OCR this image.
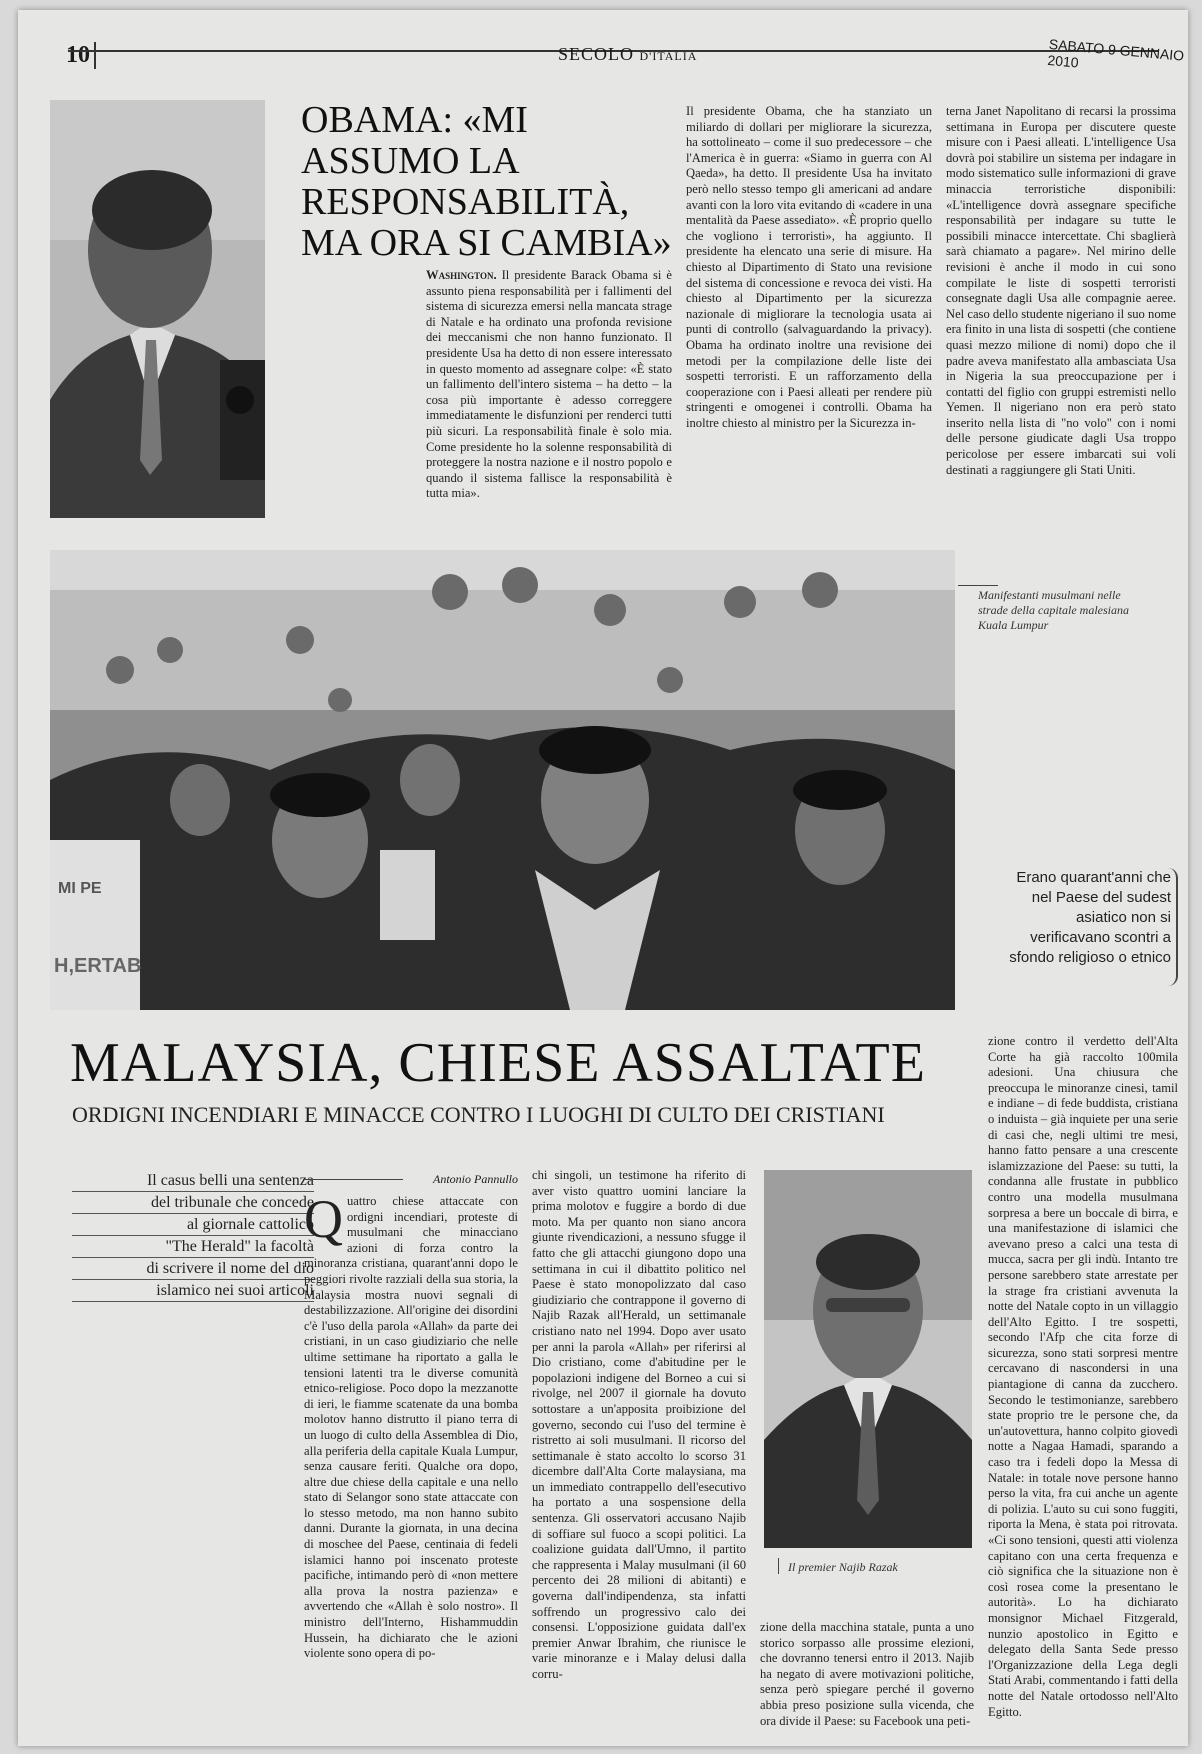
10	SECOLO D'ITALIA	SABATO 9 GENNAIO 2010
OBAMA: «MI ASSUMO LA RESPONSABILITÀ, MA ORA SI CAMBIA»

Washington. Il presidente Barack Obama si è assunto piena responsabilità per i fallimenti del sistema di sicurezza emersi nella mancata strage di Natale e ha ordinato una profonda revisione dei meccanismi che non hanno funzionato. Il presidente Usa ha detto di non essere interessato in questo momento ad assegnare colpe: «È stato un fallimento dell'intero sistema – ha detto – la cosa più importante è adesso correggere immediatamente le disfunzioni per renderci tutti più sicuri. La responsabilità finale è solo mia. Come presidente ho la solenne responsabilità di proteggere la nostra nazione e il nostro popolo e quando il sistema fallisce la responsabilità è tutta mia».

Il presidente Obama, che ha stanziato un miliardo di dollari per migliorare la sicurezza, ha sottolineato – come il suo predecessore – che l'America è in guerra: «Siamo in guerra con Al Qaeda», ha detto. Il presidente Usa ha invitato però nello stesso tempo gli americani ad andare avanti con la loro vita evitando di «cadere in una mentalità da Paese assediato». «È proprio quello che vogliono i terroristi», ha aggiunto. Il presidente ha elencato una serie di misure. Ha chiesto al Dipartimento di Stato una revisione del sistema di concessione e revoca dei visti. Ha chiesto al Dipartimento per la sicurezza nazionale di migliorare la tecnologia usata ai punti di controllo (salvaguardando la privacy). Obama ha ordinato inoltre una revisione dei metodi per la compilazione delle liste dei sospetti terroristi. E un rafforzamento della cooperazione con i Paesi alleati per rendere più stringenti e omogenei i controlli. Obama ha inoltre chiesto al ministro per la Sicurezza in-

terna Janet Napolitano di recarsi la prossima settimana in Europa per discutere queste misure con i Paesi alleati. L'intelligence Usa dovrà poi stabilire un sistema per indagare in modo sistematico sulle informazioni di grave minaccia terroristiche disponibili: «L'intelligence dovrà assegnare specifiche responsabilità per indagare su tutte le possibili minacce intercettate. Chi sbaglierà sarà chiamato a pagare». Nel mirino delle revisioni è anche il modo in cui sono compilate le liste di sospetti terroristi consegnate dagli Usa alle compagnie aeree. Nel caso dello studente nigeriano il suo nome era finito in una lista di sospetti (che contiene quasi mezzo milione di nomi) dopo che il padre aveva manifestato alla ambasciata Usa in Nigeria la sua preoccupazione per i contatti del figlio con gruppi estremisti nello Yemen. Il nigeriano non era però stato inserito nella lista di "no volo" con i nomi delle persone giudicate dagli Usa troppo pericolose per essere imbarcati sui voli destinati a raggiungere gli Stati Uniti.

MI PE
H,ERTAB
Manifestanti musulmani nelle strade della capitale malesiana Kuala Lumpur
Erano quarant'anni che nel Paese del sudest asiatico non si verificavano scontri a sfondo religioso o etnico
MALAYSIA, CHIESE ASSALTATE
ORDIGNI INCENDIARI E MINACCE CONTRO I LUOGHI DI CULTO DEI CRISTIANI
Il casus belli una sentenza
del tribunale che concede
al giornale cattolico
"The Herald" la facoltà
di scrivere il nome del dio
islamico nei suoi articoli
Antonio Pannullo
Q uattro chiese attaccate con ordigni incendiari, proteste di musulmani che minacciano azioni di forza contro la minoranza cristiana, quarant'anni dopo le peggiori rivolte razziali della sua storia, la Malaysia mostra nuovi segnali di destabilizzazione. All'origine dei disordini c'è l'uso della parola «Allah» da parte dei cristiani, in un caso giudiziario che nelle ultime settimane ha riportato a galla le tensioni latenti tra le diverse comunità etnico-religiose. Poco dopo la mezzanotte di ieri, le fiamme scatenate da una bomba molotov hanno distrutto il piano terra di un luogo di culto della Assemblea di Dio, alla periferia della capitale Kuala Lumpur, senza causare feriti. Qualche ora dopo, altre due chiese della capitale e una nello stato di Selangor sono state attaccate con lo stesso metodo, ma non hanno subito danni. Durante la giornata, in una decina di moschee del Paese, centinaia di fedeli islamici hanno poi inscenato proteste pacifiche, intimando però di «non mettere alla prova la nostra pazienza» e avvertendo che «Allah è solo nostro». Il ministro dell'Interno, Hishammuddin Hussein, ha dichiarato che le azioni violente sono opera di po-

chi singoli, un testimone ha riferito di aver visto quattro uomini lanciare la prima molotov e fuggire a bordo di due moto. Ma per quanto non siano ancora giunte rivendicazioni, a nessuno sfugge il fatto che gli attacchi giungono dopo una settimana in cui il dibattito politico nel Paese è stato monopolizzato dal caso giudiziario che contrappone il governo di Najib Razak all'Herald, un settimanale cristiano nato nel 1994. Dopo aver usato per anni la parola «Allah» per riferirsi al Dio cristiano, come d'abitudine per le popolazioni indigene del Borneo a cui si rivolge, nel 2007 il giornale ha dovuto sottostare a un'apposita proibizione del governo, secondo cui l'uso del termine è ristretto ai soli musulmani. Il ricorso del settimanale è stato accolto lo scorso 31 dicembre dall'Alta Corte malaysiana, ma un immediato contrappello dell'esecutivo ha portato a una sospensione della sentenza. Gli osservatori accusano Najib di soffiare sul fuoco a scopi politici. La coalizione guidata dall'Umno, il partito che rappresenta i Malay musulmani (il 60 percento dei 28 milioni di abitanti) e governa dall'indipendenza, sta infatti soffrendo un progressivo calo dei consensi. L'opposizione guidata dall'ex premier Anwar Ibrahim, che riunisce le varie minoranze e i Malay delusi dalla corru-

Il premier Najib Razak

zione della macchina statale, punta a uno storico sorpasso alle prossime elezioni, che dovranno tenersi entro il 2013. Najib ha negato di avere motivazioni politiche, senza però spiegare perché il governo abbia preso posizione sulla vicenda, che ora divide il Paese: su Facebook una peti-

zione contro il verdetto dell'Alta Corte ha già raccolto 100mila adesioni. Una chiusura che preoccupa le minoranze cinesi, tamil e indiane – di fede buddista, cristiana o induista – già inquiete per una serie di casi che, negli ultimi tre mesi, hanno fatto pensare a una crescente islamizzazione del Paese: su tutti, la condanna alle frustate in pubblico contro una modella musulmana sorpresa a bere un boccale di birra, e una manifestazione di islamici che avevano preso a calci una testa di mucca, sacra per gli indù. Intanto tre persone sarebbero state arrestate per la strage fra cristiani avvenuta la notte del Natale copto in un villaggio dell'Alto Egitto. I tre sospetti, secondo l'Afp che cita forze di sicurezza, sono stati sorpresi mentre cercavano di nascondersi in una piantagione di canna da zucchero. Secondo le testimonianze, sarebbero state proprio tre le persone che, da un'autovettura, hanno colpito giovedì notte a Nagaa Hamadi, sparando a caso tra i fedeli dopo la Messa di Natale: in totale nove persone hanno perso la vita, fra cui anche un agente di polizia. L'auto su cui sono fuggiti, riporta la Mena, è stata poi ritrovata. «Ci sono tensioni, questi atti violenza capitano con una certa frequenza e ciò significa che la situazione non è così rosea come la presentano le autorità». Lo ha dichiarato monsignor Michael Fitzgerald, nunzio apostolico in Egitto e delegato della Santa Sede presso l'Organizzazione della Lega degli Stati Arabi, commentando i fatti della notte del Natale ortodosso nell'Alto Egitto.
